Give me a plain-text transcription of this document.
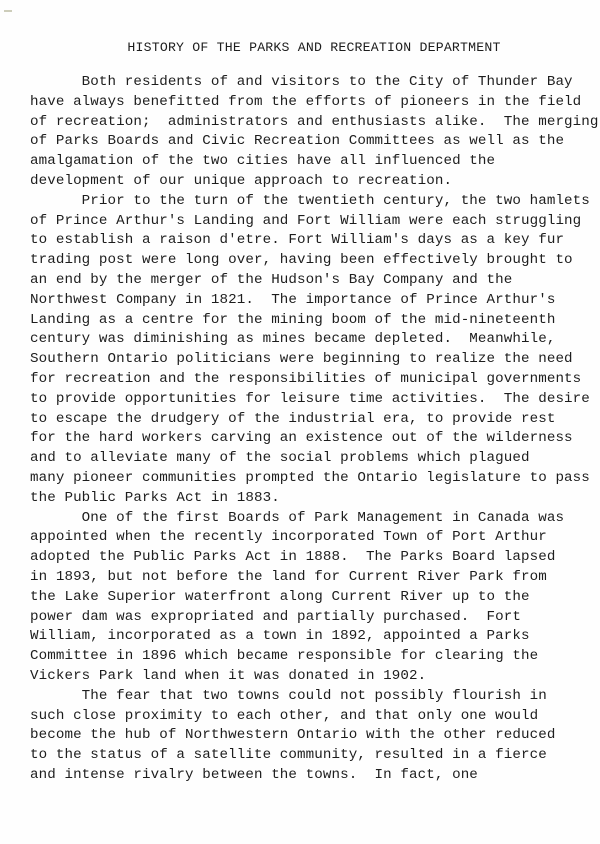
HISTORY OF THE PARKS AND RECREATION DEPARTMENT
Both residents of and visitors to the City of Thunder Bay
have always benefitted from the efforts of pioneers in the field
of recreation;  administrators and enthusiasts alike.  The merging
of Parks Boards and Civic Recreation Committees as well as the
amalgamation of the two cities have all influenced the
development of our unique approach to recreation.
Prior to the turn of the twentieth century, the two hamlets
of Prince Arthur's Landing and Fort William were each struggling
to establish a raison d'etre. Fort William's days as a key fur
trading post were long over, having been effectively brought to
an end by the merger of the Hudson's Bay Company and the
Northwest Company in 1821.  The importance of Prince Arthur's
Landing as a centre for the mining boom of the mid-nineteenth
century was diminishing as mines became depleted.  Meanwhile,
Southern Ontario politicians were beginning to realize the need
for recreation and the responsibilities of municipal governments
to provide opportunities for leisure time activities.  The desire
to escape the drudgery of the industrial era, to provide rest
for the hard workers carving an existence out of the wilderness
and to alleviate many of the social problems which plagued
many pioneer communities prompted the Ontario legislature to pass
the Public Parks Act in 1883.
One of the first Boards of Park Management in Canada was
appointed when the recently incorporated Town of Port Arthur
adopted the Public Parks Act in 1888.  The Parks Board lapsed
in 1893, but not before the land for Current River Park from
the Lake Superior waterfront along Current River up to the
power dam was expropriated and partially purchased.  Fort
William, incorporated as a town in 1892, appointed a Parks
Committee in 1896 which became responsible for clearing the
Vickers Park land when it was donated in 1902.
The fear that two towns could not possibly flourish in
such close proximity to each other, and that only one would
become the hub of Northwestern Ontario with the other reduced
to the status of a satellite community, resulted in a fierce
and intense rivalry between the towns.  In fact, one
